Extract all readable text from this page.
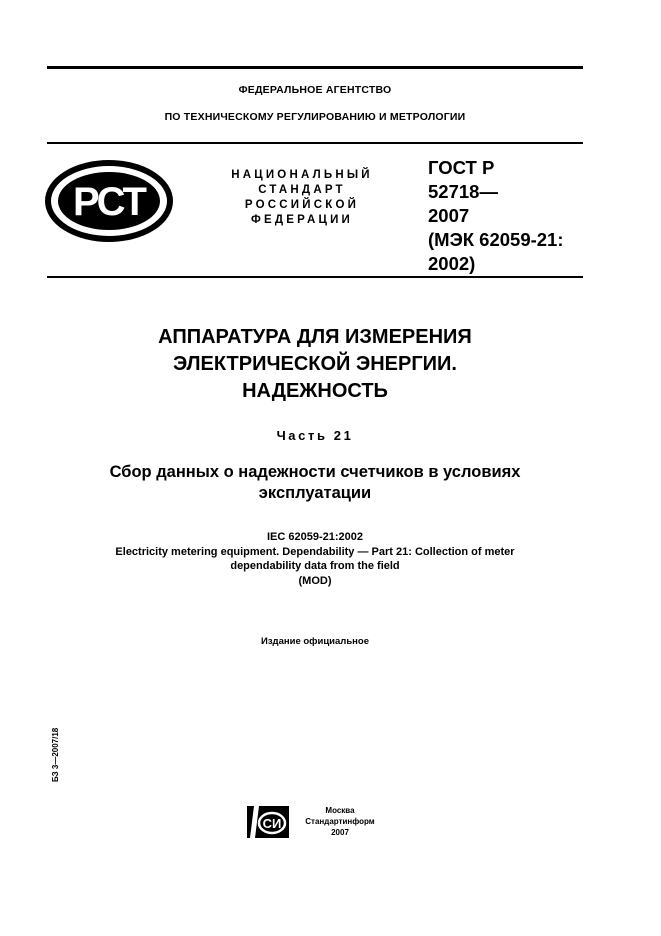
ФЕДЕРАЛЬНОЕ АГЕНТСТВО
ПО ТЕХНИЧЕСКОМУ РЕГУЛИРОВАНИЮ И МЕТРОЛОГИИ
РСТ
НАЦИОНАЛЬНЫЙ
СТАНДАРТ
РОССИЙСКОЙ
ФЕДЕРАЦИИ
ГОСТ Р
52718—
2007
(МЭК 62059-21:
2002)
АППАРАТУРА ДЛЯ ИЗМЕРЕНИЯ
ЭЛЕКТРИЧЕСКОЙ ЭНЕРГИИ.
НАДЕЖНОСТЬ
Часть 21
Сбор данных о надежности счетчиков в условиях
эксплуатации
IEC 62059-21:2002
Electricity metering equipment. Dependability — Part 21: Collection of meter
dependability data from the field
(MOD)
Издание официальное
БЗ 3—2007/18
СИ
Москва
Стандартинформ
2007
